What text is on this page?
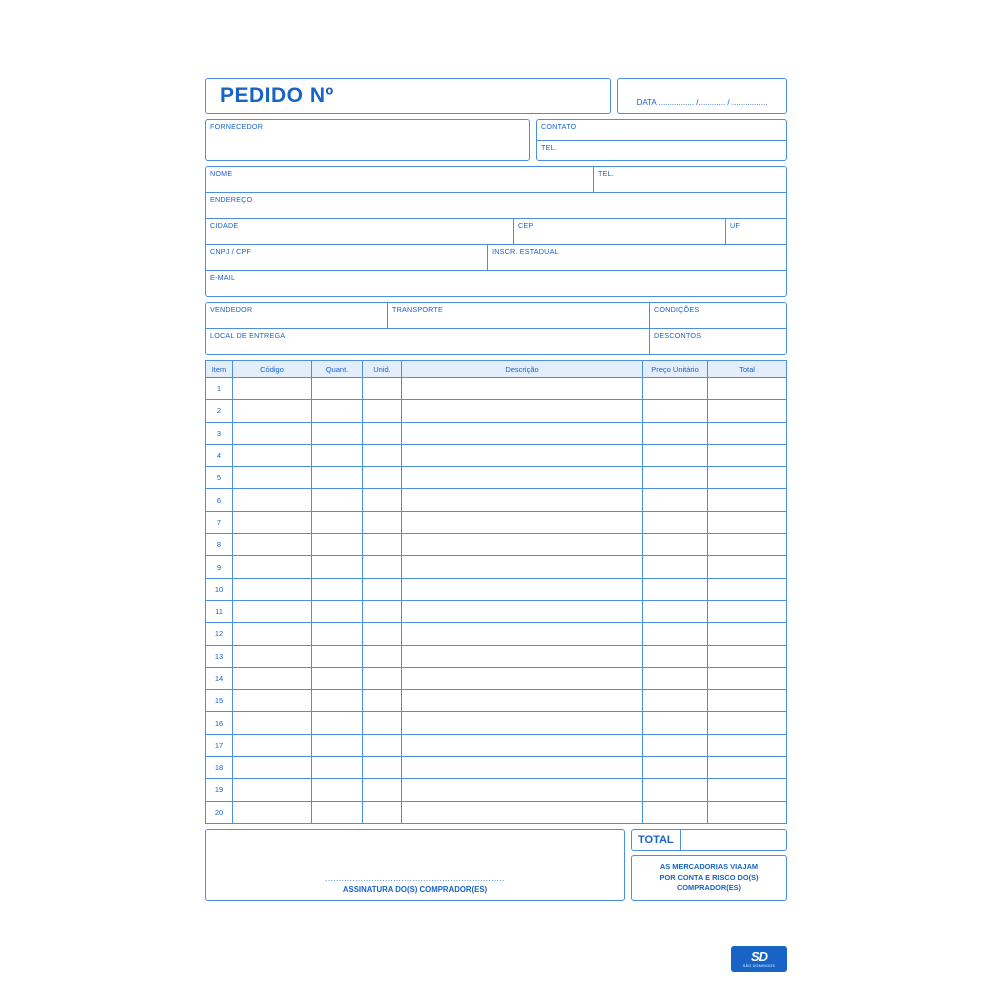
PEDIDO Nº	DATA ................ /............ / ................
FORNECEDOR	CONTATO
TEL.
NOME	TEL.
ENDEREÇO
CIDADE	CEP	UF
CNPJ / CPF	INSCR. ESTADUAL
E-MAIL
VENDEDOR	TRANSPORTE	CONDIÇÕES
LOCAL DE ENTREGA	DESCONTOS
Item	Código	Quant.	Unid.	Descrição	Preço Unitário	Total
1						
2						
3						
4						
5						
6						
7						
8						
9						
10						
11						
12						
13						
14						
15						
16						
17						
18						
19						
20						
..................................................................
ASSINATURA DO(S) COMPRADOR(ES)
TOTAL
AS MERCADORIAS VIAJAM
POR CONTA E RISCO DO(S)
COMPRADOR(ES)
SD
SÃO DOMINGOS
